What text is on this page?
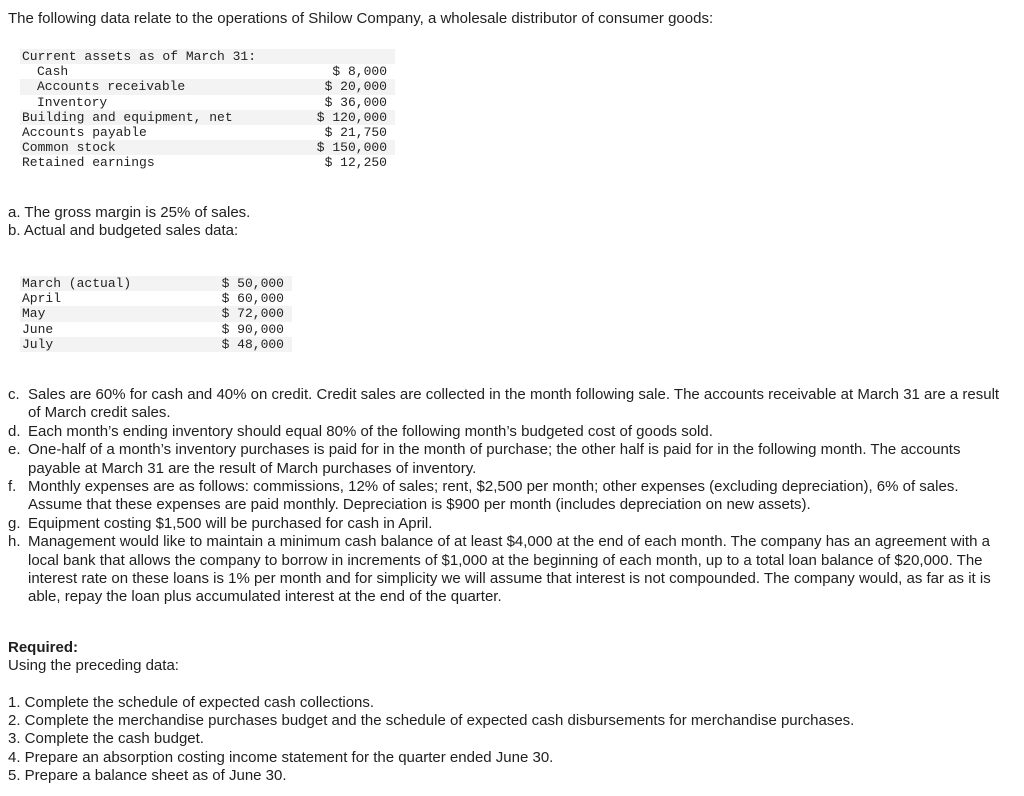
The following data relate to the operations of Shilow Company, a wholesale distributor of consumer goods:
Current assets as of March 31:	
Cash	$ 8,000
Accounts receivable	$ 20,000
Inventory	$ 36,000
Building and equipment, net	$ 120,000
Accounts payable	$ 21,750
Common stock	$ 150,000
Retained earnings	$ 12,250
a. The gross margin is 25% of sales.
b. Actual and budgeted sales data:
March (actual)	$ 50,000
April	$ 60,000
May	$ 72,000
June	$ 90,000
July	$ 48,000
c. Sales are 60% for cash and 40% on credit. Credit sales are collected in the month following sale. The accounts receivable at March 31 are a result of March credit sales.
d. Each month’s ending inventory should equal 80% of the following month’s budgeted cost of goods sold.
e. One-half of a month’s inventory purchases is paid for in the month of purchase; the other half is paid for in the following month. The accounts payable at March 31 are the result of March purchases of inventory.
f. Monthly expenses are as follows: commissions, 12% of sales; rent, $2,500 per month; other expenses (excluding depreciation), 6% of sales. Assume that these expenses are paid monthly. Depreciation is $900 per month (includes depreciation on new assets).
g. Equipment costing $1,500 will be purchased for cash in April.
h. Management would like to maintain a minimum cash balance of at least $4,000 at the end of each month. The company has an agreement with a local bank that allows the company to borrow in increments of $1,000 at the beginning of each month, up to a total loan balance of $20,000. The interest rate on these loans is 1% per month and for simplicity we will assume that interest is not compounded. The company would, as far as it is able, repay the loan plus accumulated interest at the end of the quarter.
Required:
Using the preceding data:
1. Complete the schedule of expected cash collections.
2. Complete the merchandise purchases budget and the schedule of expected cash disbursements for merchandise purchases.
3. Complete the cash budget.
4. Prepare an absorption costing income statement for the quarter ended June 30.
5. Prepare a balance sheet as of June 30.
